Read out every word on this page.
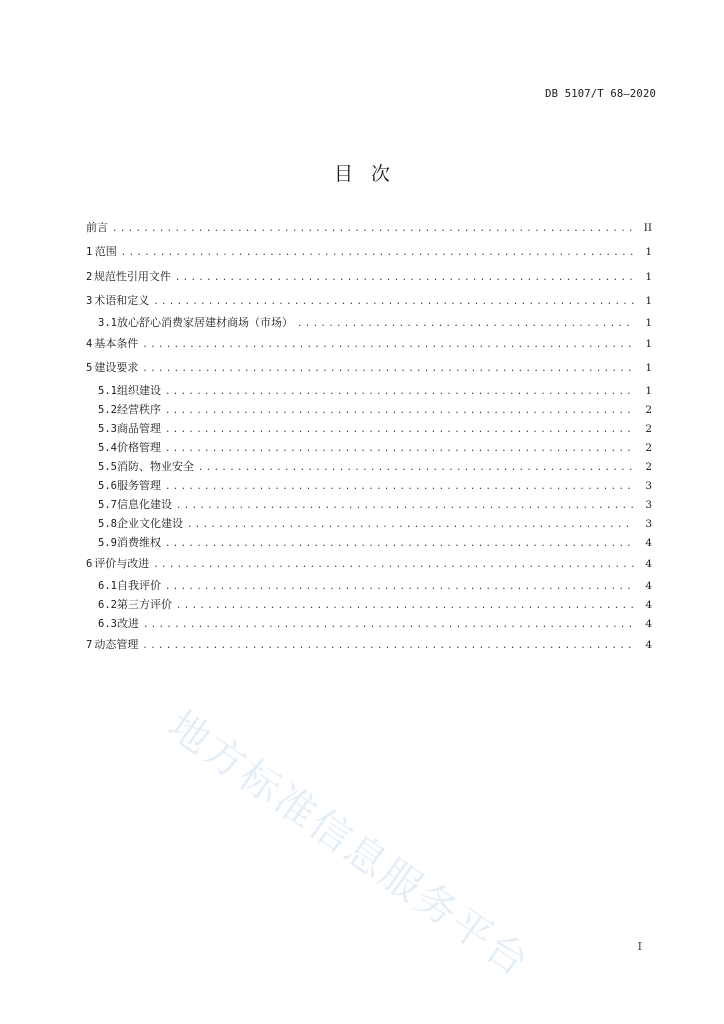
DB 5107/T 68—2020
目次
前言 .....	II
1 范围 .....	1
2 规范性引用文件 .....	1
3 术语和定义 .....	1
3.1 放心舒心消费家居建材商场（市场） .....	1
4 基本条件 .....	1
5 建设要求 .....	1
5.1 组织建设 .....	1
5.2 经营秩序 .....	2
5.3 商品管理 .....	2
5.4 价格管理 .....	2
5.5 消防、物业安全 .....	2
5.6 服务管理 .....	3
5.7 信息化建设 .....	3
5.8 企业文化建设 .....	3
5.9 消费维权 .....	4
6 评价与改进 .....	4
6.1 自我评价 .....	4
6.2 第三方评价 .....	4
6.3 改进 .....	4
7 动态管理 .....	4
地方标准信息服务平台	I
